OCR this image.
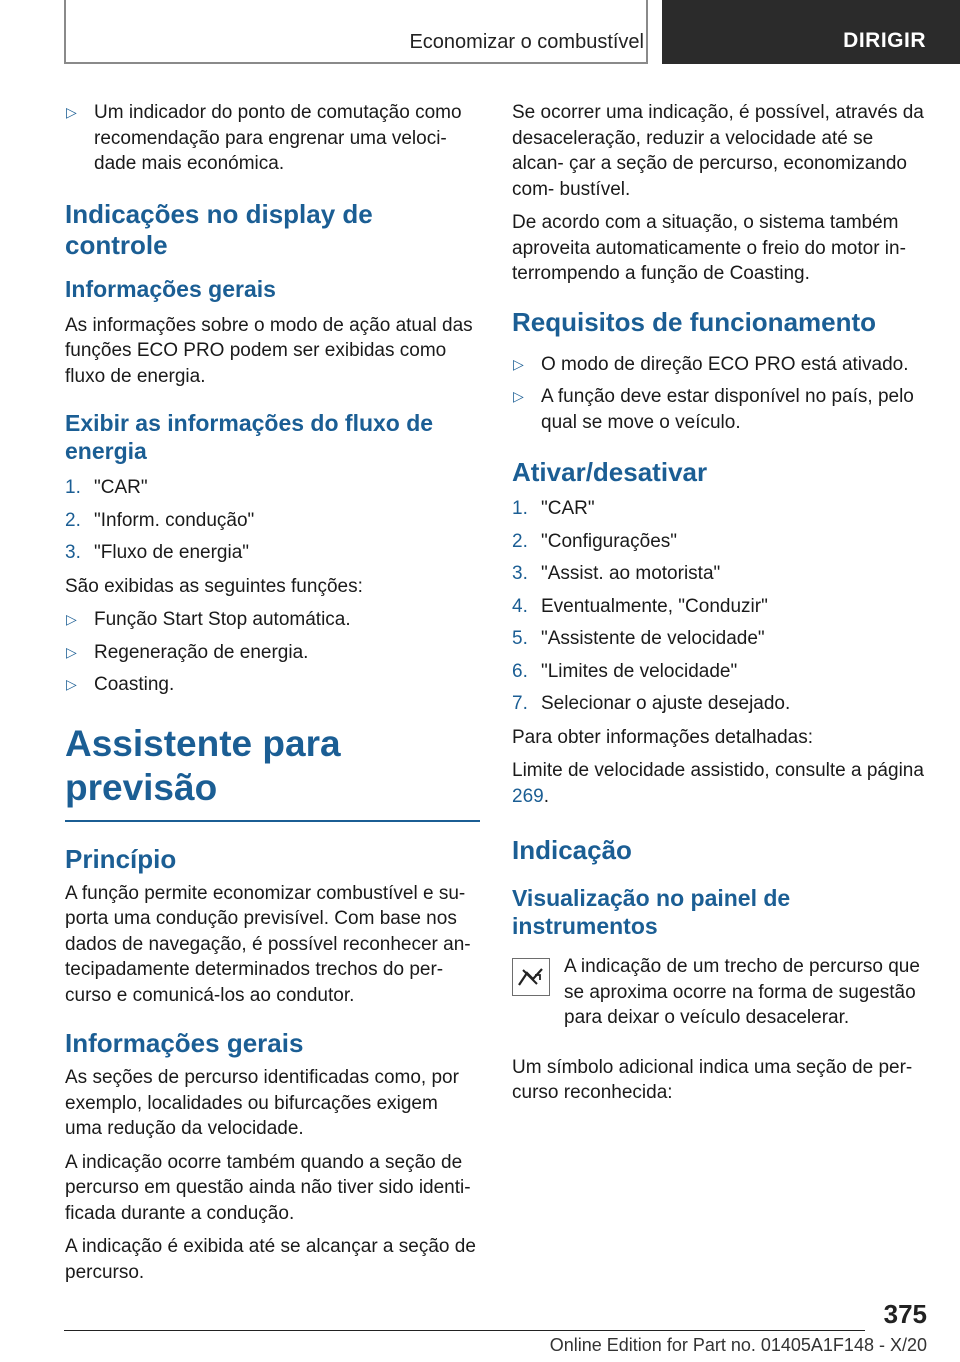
Economizar o combustível	DIRIGIR
▷ Um indicador do ponto de comutação como recomendação para engrenar uma veloci- dade mais económica.
Indicações no display de controle
Informações gerais

As informações sobre o modo de ação atual das funções ECO PRO podem ser exibidas como fluxo de energia.

Exibir as informações do fluxo de energia
1. "CAR"
2. "Inform. condução"
3. "Fluxo de energia"

São exibidas as seguintes funções:

▷ Função Start Stop automática.
▷ Regeneração de energia.
▷ Coasting.
Assistente para previsão
Princípio

A função permite economizar combustível e su- porta uma condução previsível. Com base nos dados de navegação, é possível reconhecer an- tecipadamente determinados trechos do per- curso e comunicá-los ao condutor.

Informações gerais

As seções de percurso identificadas como, por exemplo, localidades ou bifurcações exigem uma redução da velocidade.

A indicação ocorre também quando a seção de percurso em questão ainda não tiver sido identi- ficada durante a condução.

A indicação é exibida até se alcançar a seção de percurso.

Se ocorrer uma indicação, é possível, através da desaceleração, reduzir a velocidade até se alcan- çar a seção de percurso, economizando com- bustível.

De acordo com a situação, o sistema também aproveita automaticamente o freio do motor in- terrompendo a função de Coasting.

Requisitos de funcionamento
▷ O modo de direção ECO PRO está ativado.
▷ A função deve estar disponível no país, pelo qual se move o veículo.
Ativar/desativar
1. "CAR"
2. "Configurações"
3. "Assist. ao motorista"
4. Eventualmente, "Conduzir"
5. "Assistente de velocidade"
6. "Limites de velocidade"
7. Selecionar o ajuste desejado.

Para obter informações detalhadas:

Limite de velocidade assistido, consulte a página 269.

Indicação
Visualização no painel de instrumentos

A indicação de um trecho de percurso que se aproxima ocorre na forma de sugestão para deixar o veículo desacelerar.

Um símbolo adicional indica uma seção de per- curso reconhecida:

375
Online Edition for Part no. 01405A1F148 - X/20
